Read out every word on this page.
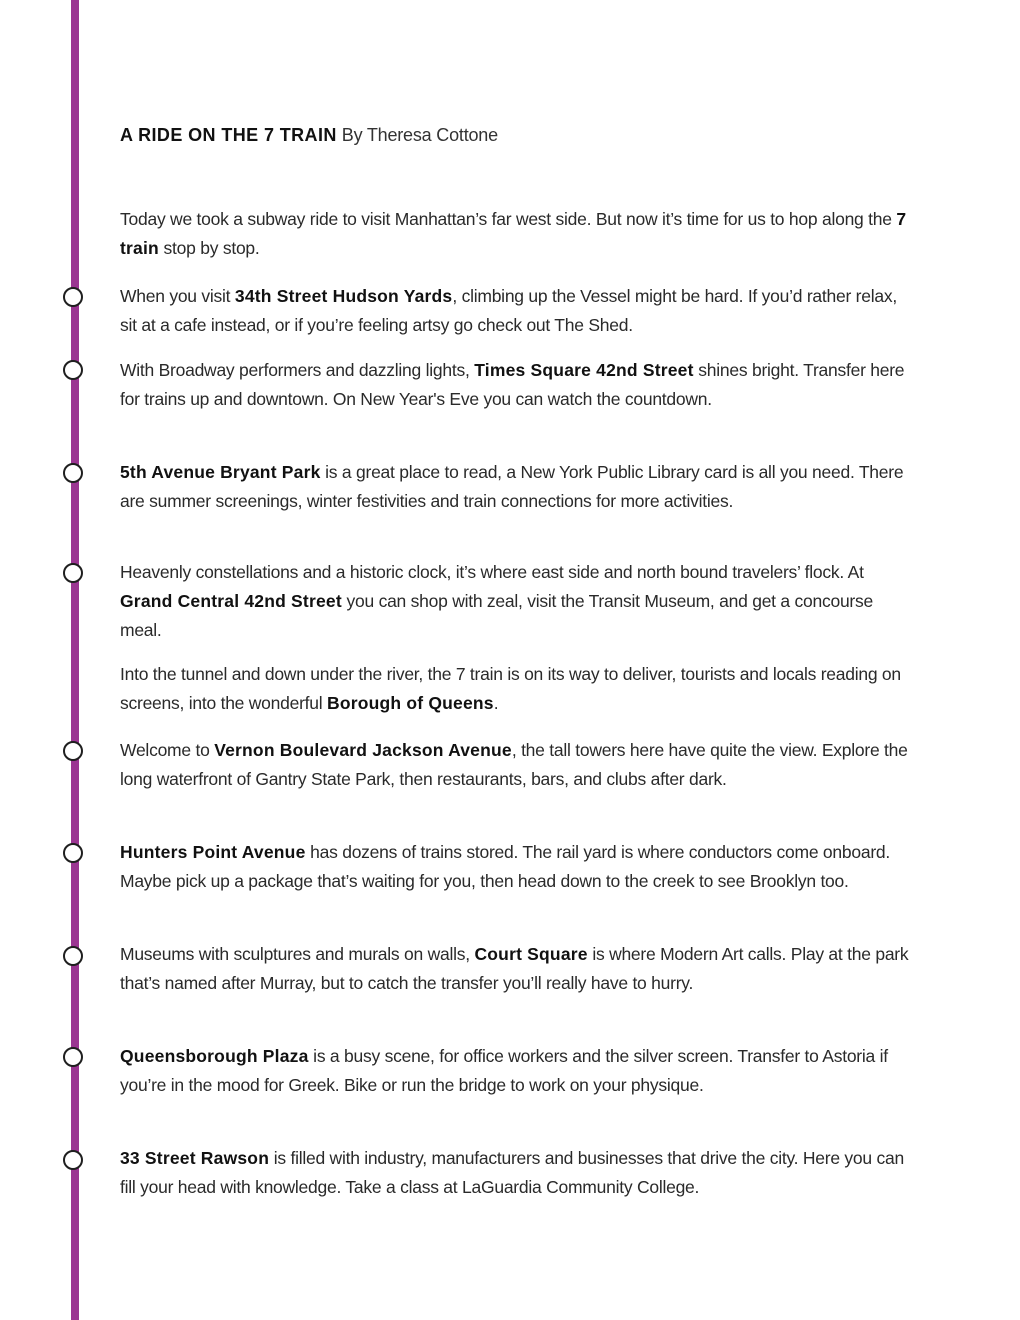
A RIDE ON THE 7 TRAIN By Theresa Cottone

Today we took a subway ride to visit Manhattan’s far west side. But now it’s time for us to hop along the 7 train stop by stop.

When you visit 34th Street Hudson Yards, climbing up the Vessel might be hard. If you’d rather relax, sit at a cafe instead, or if you’re feeling artsy go check out The Shed.

With Broadway performers and dazzling lights, Times Square 42nd Street shines bright. Transfer here for trains up and downtown. On New Year's Eve you can watch the countdown.

5th Avenue Bryant Park is a great place to read, a New York Public Library card is all you need. There are summer screenings, winter festivities and train connections for more activities.

Heavenly constellations and a historic clock, it’s where east side and north bound travelers’ flock. At Grand Central 42nd Street you can shop with zeal, visit the Transit Museum, and get a concourse meal.

Into the tunnel and down under the river, the 7 train is on its way to deliver, tourists and locals reading on screens, into the wonderful Borough of Queens.

Welcome to Vernon Boulevard Jackson Avenue, the tall towers here have quite the view. Explore the long waterfront of Gantry State Park, then restaurants, bars, and clubs after dark.

Hunters Point Avenue has dozens of trains stored. The rail yard is where conductors come onboard. Maybe pick up a package that’s waiting for you, then head down to the creek to see Brooklyn too.

Museums with sculptures and murals on walls, Court Square is where Modern Art calls. Play at the park that’s named after Murray, but to catch the transfer you’ll really have to hurry.

Queensborough Plaza is a busy scene, for office workers and the silver screen. Transfer to Astoria if you’re in the mood for Greek. Bike or run the bridge to work on your physique.

33 Street Rawson is filled with industry, manufacturers and businesses that drive the city. Here you can fill your head with knowledge. Take a class at LaGuardia Community College.
